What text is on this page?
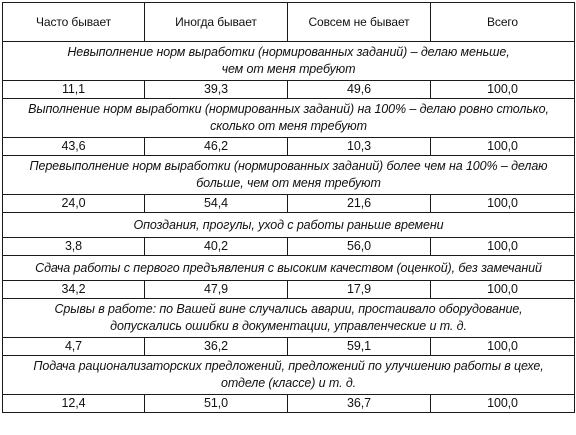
Часто бывает	Иногда бывает	Совсем не бывает	Всего

Невыполнение норм выработки (нормированных заданий) – делаю меньше,
чем от меня требуют			

11,1	39,3	49,6	100,0

Выполнение норм выработки (нормированных заданий) на 100% – делаю ровно столько,
сколько от меня требуют			

43,6	46,2	10,3	100,0

Перевыполнение норм выработки (нормированных заданий) более чем на 100% – делаю
больше, чем от меня требуют			

24,0	54,4	21,6	100,0

Опоздания, прогулы, уход с работы раньше времени			

3,8	40,2	56,0	100,0

Сдача работы с первого предъявления с высоким качеством (оценкой), без замечаний			

34,2	47,9	17,9	100,0

Срывы в работе: по Вашей вине случались аварии, простаивало оборудование,
допускались ошибки в документации, управленческие и т. д.			

4,7	36,2	59,1	100,0

Подача рационализаторских предложений, предложений по улучшению работы в цехе,
отделе (классе) и т. д.			

12,4	51,0	36,7	100,0
